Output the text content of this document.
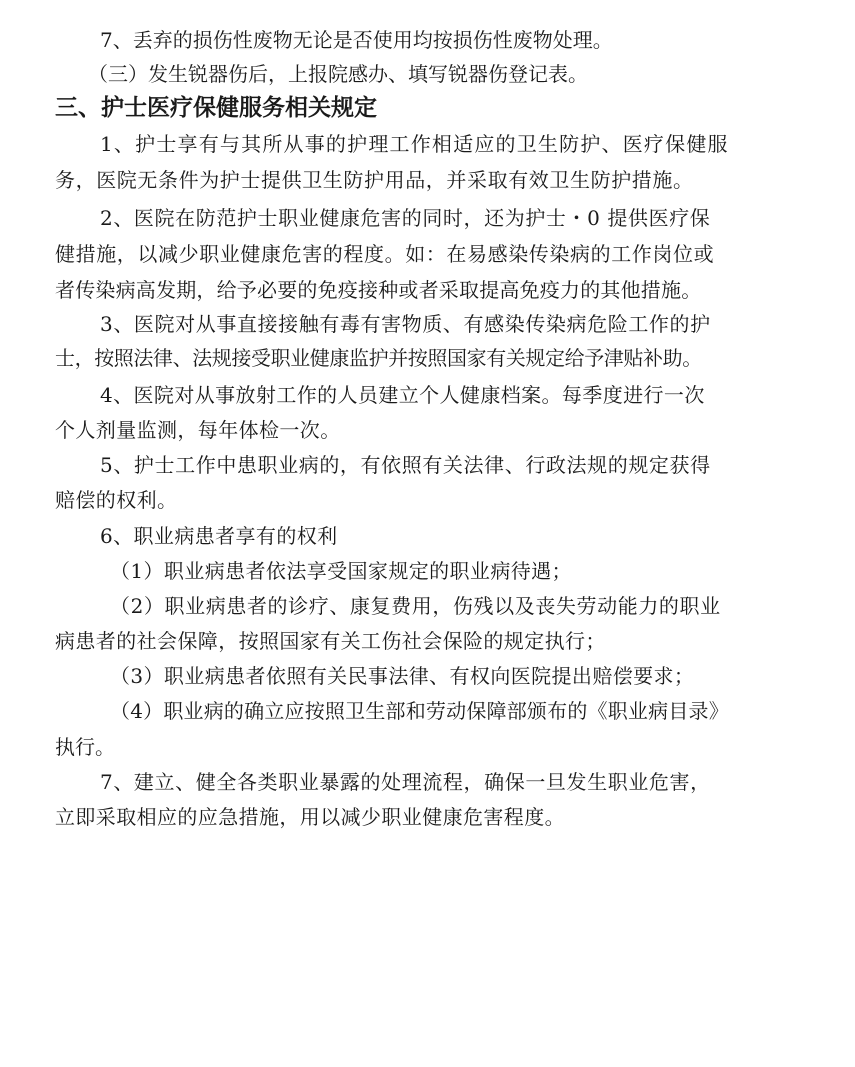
7、丢弃的损伤性废物无论是否使用均按损伤性废物处理。
（三）发生锐器伤后，上报院感办、填写锐器伤登记表。
三、护士医疗保健服务相关规定
1、护士享有与其所从事的护理工作相适应的卫生防护、医疗保健服
务，医院无条件为护士提供卫生防护用品，并采取有效卫生防护措施。
2、医院在防范护士职业健康危害的同时，还为护士・0 提供医疗保
健措施，以减少职业健康危害的程度。如：在易感染传染病的工作岗位或
者传染病高发期，给予必要的免疫接种或者采取提高免疫力的其他措施。
3、医院对从事直接接触有毒有害物质、有感染传染病危险工作的护
士，按照法律、法规接受职业健康监护并按照国家有关规定给予津贴补助。
4、医院对从事放射工作的人员建立个人健康档案。每季度进行一次
个人剂量监测，每年体检一次。
5、护士工作中患职业病的，有依照有关法律、行政法规的规定获得
赔偿的权利。
6、职业病患者享有的权利
（1）职业病患者依法享受国家规定的职业病待遇；
（2）职业病患者的诊疗、康复费用，伤残以及丧失劳动能力的职业
病患者的社会保障，按照国家有关工伤社会保险的规定执行；
（3）职业病患者依照有关民事法律、有权向医院提出赔偿要求；
（4）职业病的确立应按照卫生部和劳动保障部颁布的《职业病目录》
执行。
7、建立、健全各类职业暴露的处理流程，确保一旦发生职业危害，
立即采取相应的应急措施，用以减少职业健康危害程度。
